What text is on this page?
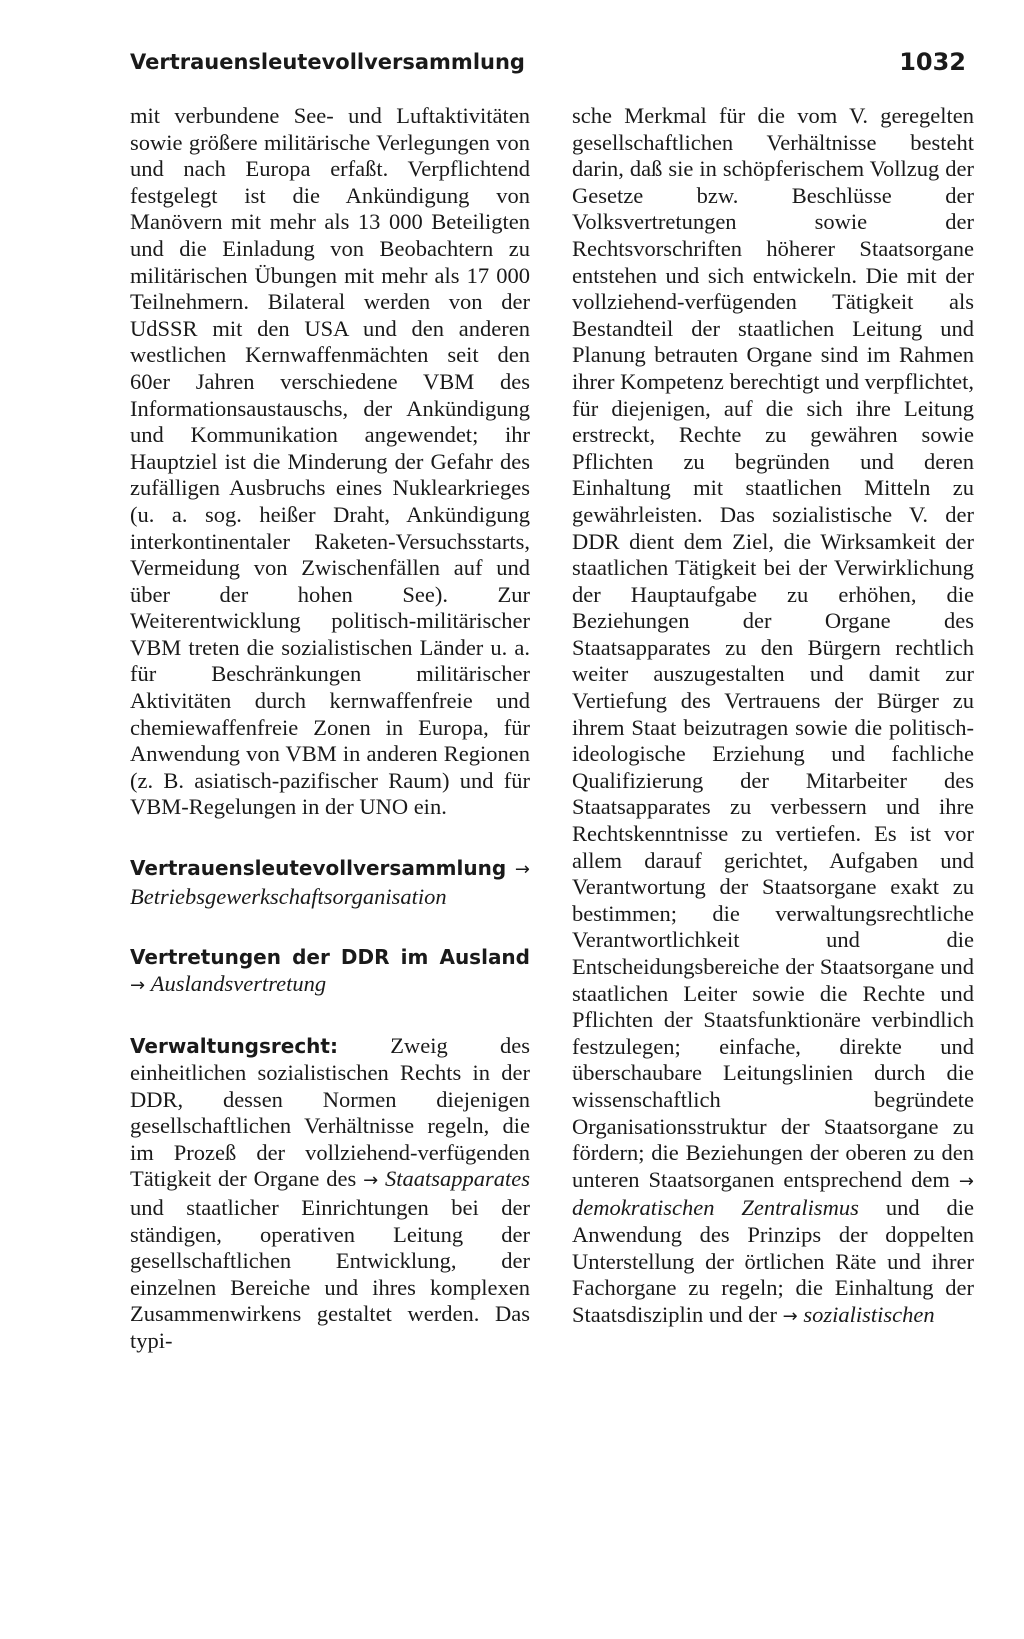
Vertrauensleutevollversammlung	1032

mit verbundene See- und Luftaktivitäten sowie größere militärische Verlegungen von und nach Europa erfaßt. Verpflichtend festgelegt ist die Ankündigung von Manövern mit mehr als 13 000 Beteiligten und die Einladung von Beobachtern zu militärischen Übungen mit mehr als 17 000 Teilnehmern. Bilateral werden von der UdSSR mit den USA und den anderen westlichen Kernwaffenmächten seit den 60er Jahren verschiedene VBM des Informationsaustauschs, der Ankündigung und Kommunikation angewendet; ihr Hauptziel ist die Minderung der Gefahr des zufälligen Ausbruchs eines Nuklearkrieges (u. a. sog. heißer Draht, Ankündigung interkontinentaler Raketen-Versuchsstarts, Vermeidung von Zwischenfällen auf und über der hohen See). Zur Weiterentwicklung politisch-militärischer VBM treten die sozialistischen Länder u. a. für Beschränkungen militärischer Aktivitäten durch kernwaffenfreie und chemiewaffenfreie Zonen in Europa, für Anwendung von VBM in anderen Regionen (z. B. asiatisch-pazifischer Raum) und für VBM-Regelungen in der UNO ein.

Vertrauensleutevollversammlung → Betriebsgewerkschaftsorganisation

Vertretungen der DDR im Ausland → Auslandsvertretung

Verwaltungsrecht: Zweig des einheitlichen sozialistischen Rechts in der DDR, dessen Normen diejenigen gesellschaftlichen Verhältnisse regeln, die im Prozeß der vollziehend-verfügenden Tätigkeit der Organe des → Staatsapparates und staatlicher Einrichtungen bei der ständigen, operativen Leitung der gesellschaftlichen Entwicklung, der einzelnen Bereiche und ihres komplexen Zusammenwirkens gestaltet werden. Das typi-

sche Merkmal für die vom V. geregelten gesellschaftlichen Verhältnisse besteht darin, daß sie in schöpferischem Vollzug der Gesetze bzw. Beschlüsse der Volksvertretungen sowie der Rechtsvorschriften höherer Staatsorgane entstehen und sich entwickeln. Die mit der vollziehend-verfügenden Tätigkeit als Bestandteil der staatlichen Leitung und Planung betrauten Organe sind im Rahmen ihrer Kompetenz berechtigt und verpflichtet, für diejenigen, auf die sich ihre Leitung erstreckt, Rechte zu gewähren sowie Pflichten zu begründen und deren Einhaltung mit staatlichen Mitteln zu gewährleisten. Das sozialistische V. der DDR dient dem Ziel, die Wirksamkeit der staatlichen Tätigkeit bei der Verwirklichung der Hauptaufgabe zu erhöhen, die Beziehungen der Organe des Staatsapparates zu den Bürgern rechtlich weiter auszugestalten und damit zur Vertiefung des Vertrauens der Bürger zu ihrem Staat beizutragen sowie die politisch-ideologische Erziehung und fachliche Qualifizierung der Mitarbeiter des Staatsapparates zu verbessern und ihre Rechtskenntnisse zu vertiefen. Es ist vor allem darauf gerichtet, Aufgaben und Verantwortung der Staatsorgane exakt zu bestimmen; die verwaltungsrechtliche Verantwortlichkeit und die Entscheidungsbereiche der Staatsorgane und staatlichen Leiter sowie die Rechte und Pflichten der Staatsfunktionäre verbindlich festzulegen; einfache, direkte und überschaubare Leitungslinien durch die wissenschaftlich begründete Organisationsstruktur der Staatsorgane zu fördern; die Beziehungen der oberen zu den unteren Staatsorganen entsprechend dem → demokratischen Zentralismus und die Anwendung des Prinzips der doppelten Unterstellung der örtlichen Räte und ihrer Fachorgane zu regeln; die Einhaltung der Staatsdisziplin und der → sozialistischen
